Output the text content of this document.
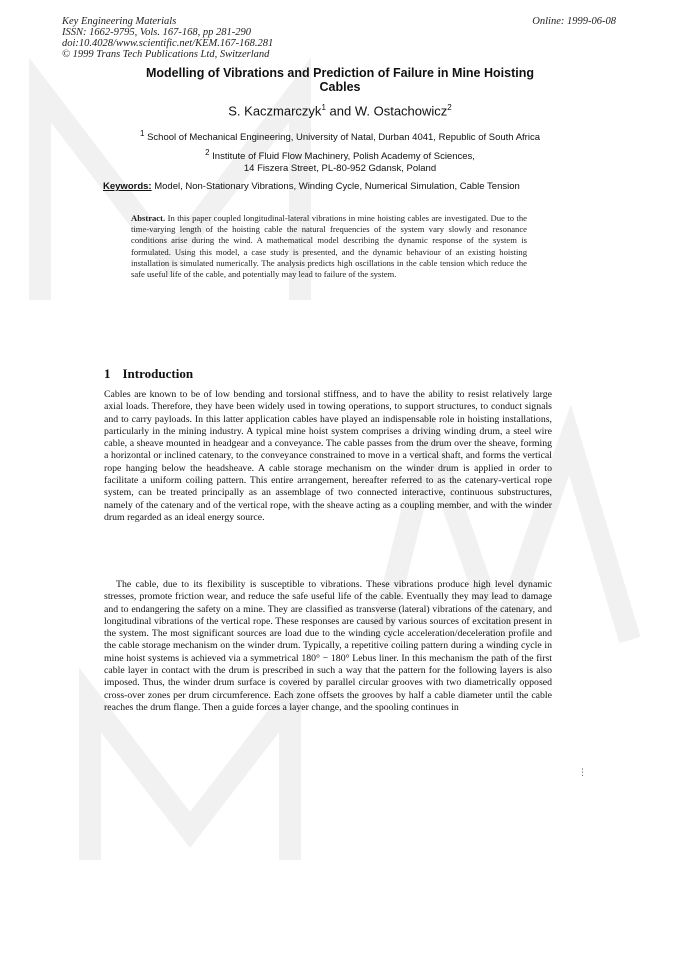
Key Engineering Materials
ISSN: 1662-9795, Vols. 167-168, pp 281-290
doi:10.4028/www.scientific.net/KEM.167-168.281
© 1999 Trans Tech Publications Ltd, Switzerland
Online: 1999-06-08
Modelling of Vibrations and Prediction of Failure in Mine Hoisting
Cables
S. Kaczmarczyk$^1$ and W. Ostachowicz$^2$
$^1$ School of Mechanical Engineering, University of Natal, Durban 4041, Republic of South Africa
$^2$ Institute of Fluid Flow Machinery, Polish Academy of Sciences,
14 Fiszera Street, PL-80-952 Gdansk, Poland
Keywords: Model, Non-Stationary Vibrations, Winding Cycle, Numerical Simulation, Cable Tension
Abstract. In this paper coupled longitudinal-lateral vibrations in mine hoisting cables are investigated. Due to the time-varying length of the hoisting cable the natural frequencies of the system vary slowly and resonance conditions arise during the wind. A mathematical model describing the dynamic response of the system is formulated. Using this model, a case study is presented, and the dynamic behaviour of an existing hoisting installation is simulated numerically. The analysis predicts high oscillations in the cable tension which reduce the safe useful life of the cable, and potentially may lead to failure of the system.
1 Introduction
Cables are known to be of low bending and torsional stiffness, and to have the ability to resist relatively large axial loads. Therefore, they have been widely used in towing operations, to support structures, to conduct signals and to carry payloads. In this latter application cables have played an indispensable role in hoisting installations, particularly in the mining industry. A typical mine hoist system comprises a driving winding drum, a steel wire cable, a sheave mounted in headgear and a conveyance. The cable passes from the drum over the sheave, forming a horizontal or inclined catenary, to the conveyance constrained to move in a vertical shaft, and forms the vertical rope hanging below the headsheave. A cable storage mechanism on the winder drum is applied in order to facilitate a uniform coiling pattern. This entire arrangement, hereafter referred to as the catenary-vertical rope system, can be treated principally as an assemblage of two connected interactive, continuous substructures, namely of the catenary and of the vertical rope, with the sheave acting as a coupling member, and with the winder drum regarded as an ideal energy source.
The cable, due to its flexibility is susceptible to vibrations. These vibrations produce high level dynamic stresses, promote friction wear, and reduce the safe useful life of the cable. Eventually they may lead to damage and to endangering the safety on a mine. They are classified as transverse (lateral) vibrations of the catenary, and longitudinal vibrations of the vertical rope. These responses are caused by various sources of excitation present in the system. The most significant sources are load due to the winding cycle acceleration/deceleration profile and the cable storage mechanism on the winder drum. Typically, a repetitive coiling pattern during a winding cycle in mine hoist systems is achieved via a symmetrical 180° − 180° Lebus liner. In this mechanism the path of the first cable layer in contact with the drum is prescribed in such a way that the pattern for the following layers is also imposed. Thus, the winder drum surface is covered by parallel circular grooves with two diametrically opposed cross-over zones per drum circumference. Each zone offsets the grooves by half a cable diameter until the cable reaches the drum flange. Then a guide forces a layer change, and the spooling continues in
⋮
